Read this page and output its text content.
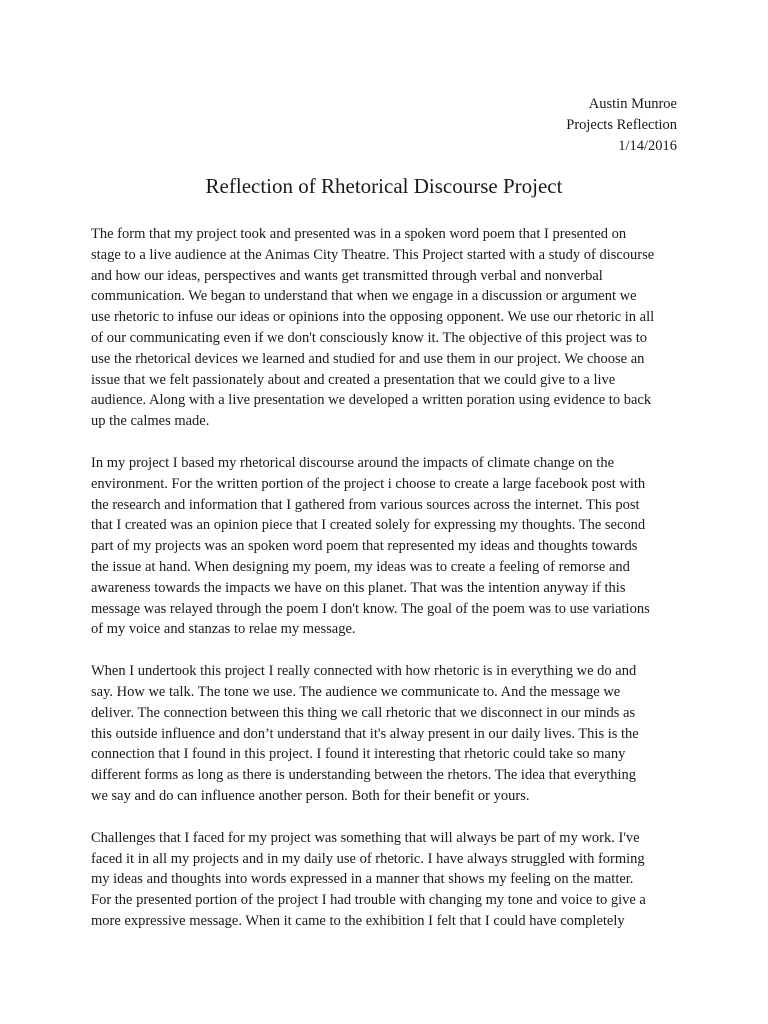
Austin Munroe
Projects Reflection
1/14/2016
Reflection of Rhetorical Discourse Project
The form that my project took and presented was in a spoken word poem that I presented on
stage to a live audience at the Animas City Theatre. This Project started with a study of discourse
and how our ideas, perspectives and wants get transmitted through verbal and nonverbal
communication. We began to understand that when we engage in a discussion or argument we
use rhetoric to infuse our ideas or opinions into the opposing opponent. We use our rhetoric in all
of our communicating even if we don't consciously know it. The objective of this project was to
use the rhetorical devices we learned and studied for and use them in our project. We choose an
issue that we felt passionately about and created a presentation that we could give to a live
audience. Along with a live presentation we developed a written poration using evidence to back
up the calmes made.
In my project I based my rhetorical discourse around the impacts of climate change on the
environment. For the written portion of the project i choose to create a large facebook post with
the research and information that I gathered from various sources across the internet. This post
that I created was an opinion piece that I created solely for expressing my thoughts. The second
part of my projects was an spoken word poem that represented my ideas and thoughts towards
the issue at hand. When designing my poem, my ideas was to create a feeling of remorse and
awareness towards the impacts we have on this planet. That was the intention anyway if this
message was relayed through the poem I don't know. The goal of the poem was to use variations
of my voice and stanzas to relae my message.
When I undertook this project I really connected with how rhetoric is in everything we do and
say. How we talk. The tone we use. The audience we communicate to. And the message we
deliver. The connection between this thing we call rhetoric that we disconnect in our minds as
this outside influence and don’t understand that it's alway present in our daily lives. This is the
connection that I found in this project. I found it interesting that rhetoric could take so many
different forms as long as there is understanding between the rhetors. The idea that everything
we say and do can influence another person. Both for their benefit or yours.
Challenges that I faced for my project was something that will always be part of my work. I've
faced it in all my projects and in my daily use of rhetoric. I have always struggled with forming
my ideas and thoughts into words expressed in a manner that shows my feeling on the matter.
For the presented portion of the project I had trouble with changing my tone and voice to give a
more expressive message. When it came to the exhibition I felt that I could have completely
